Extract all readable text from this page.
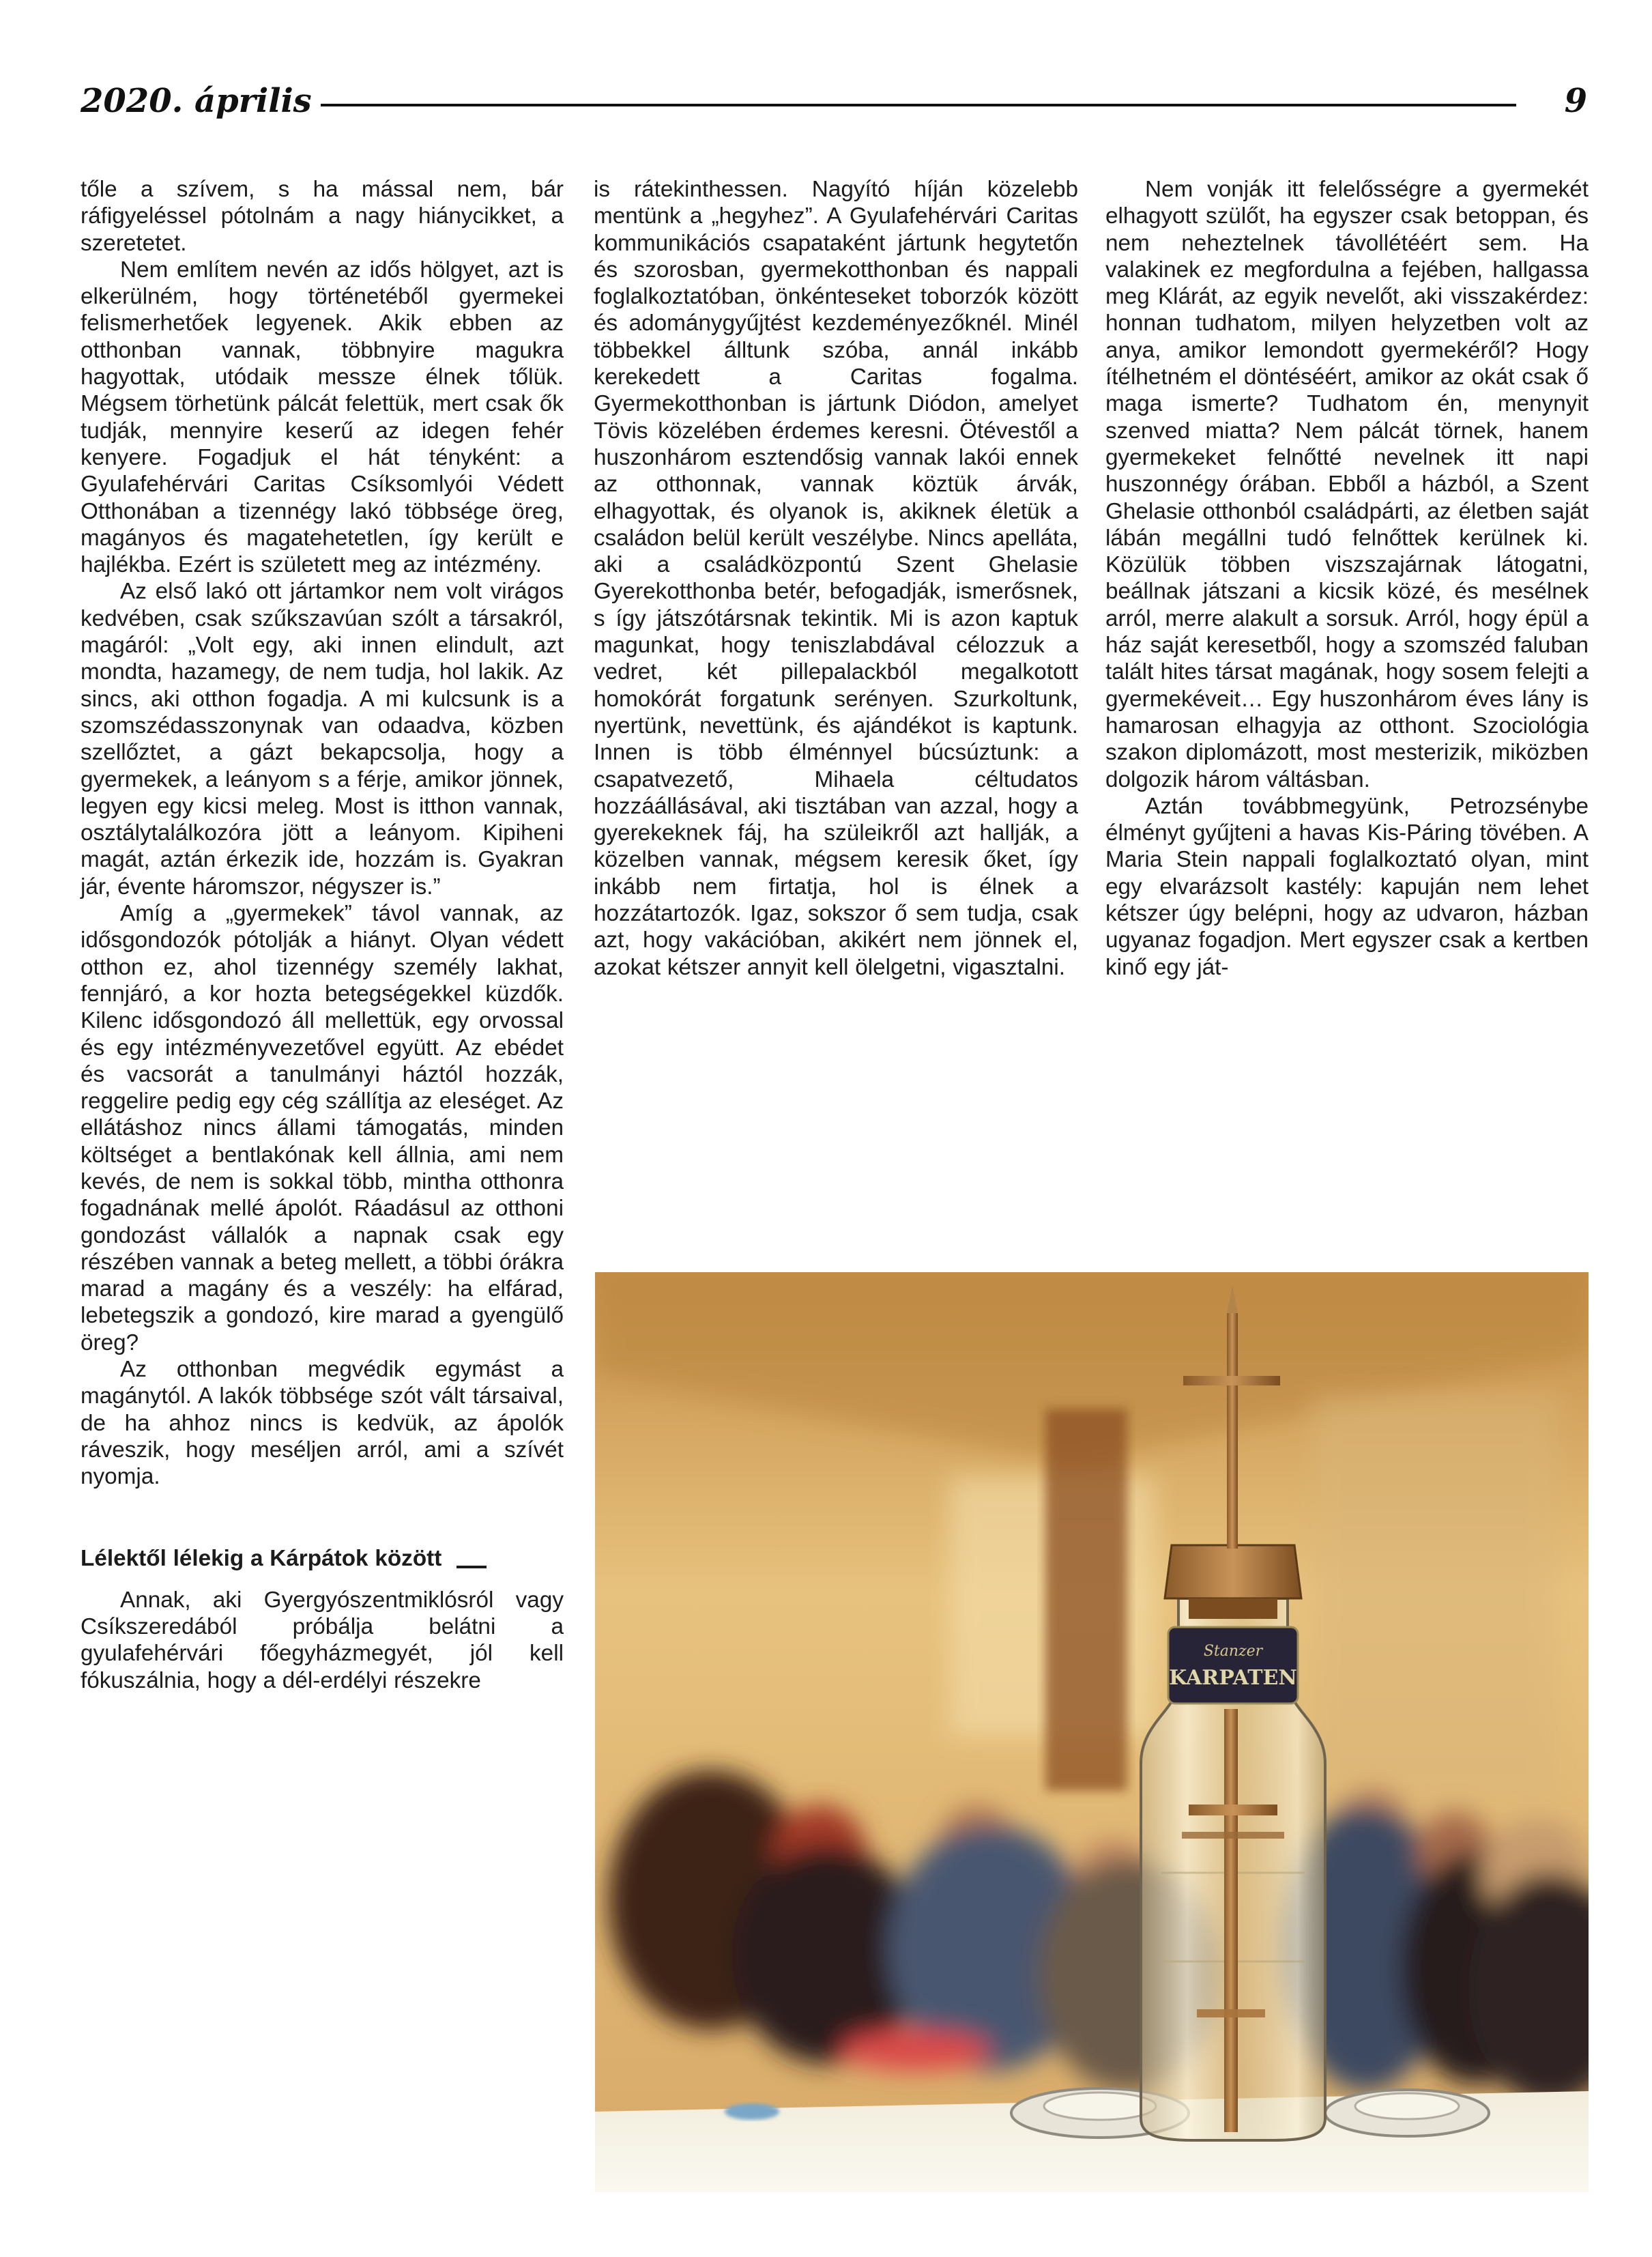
2020. április	9

tőle a szívem, s ha mással nem, bár ráfigyeléssel pótolnám a nagy hiánycikket, a szeretetet.

Nem említem nevén az idős hölgyet, azt is elkerülném, hogy történetéből gyermekei felismerhetőek legyenek. Akik ebben az otthonban vannak, többnyire magukra hagyottak, utódaik messze élnek tőlük. Mégsem törhetünk pálcát felettük, mert csak ők tudják, mennyire keserű az idegen fehér kenyere. Fogadjuk el hát tényként: a Gyulafehérvári Caritas Csíksomlyói Védett Otthonában a tizennégy lakó többsége öreg, magányos és magatehetetlen, így került e hajlékba. Ezért is született meg az intézmény.

Az első lakó ott jártamkor nem volt virágos kedvében, csak szűkszavúan szólt a társakról, magáról: „Volt egy, aki innen elindult, azt mondta, hazamegy, de nem tudja, hol lakik. Az sincs, aki otthon fogadja. A mi kulcsunk is a szomszédasszonynak van odaadva, közben szellőztet, a gázt bekapcsolja, hogy a gyermekek, a leányom s a férje, amikor jönnek, legyen egy kicsi meleg. Most is itthon vannak, osztálytalálkozóra jött a leányom. Kipiheni magát, aztán érkezik ide, hozzám is. Gyakran jár, évente háromszor, négyszer is.”

Amíg a „gyermekek” távol vannak, az idősgondozók pótolják a hiányt. Olyan védett otthon ez, ahol tizennégy személy lakhat, fennjáró, a kor hozta betegségekkel küzdők. Kilenc idősgondozó áll mellettük, egy orvossal és egy intézményvezetővel együtt. Az ebédet és vacsorát a tanulmányi háztól hozzák, reggelire pedig egy cég szállítja az eleséget. Az ellátáshoz nincs állami támogatás, minden költséget a bentlakónak kell állnia, ami nem kevés, de nem is sokkal több, mintha otthonra fogadnának mellé ápolót. Ráadásul az otthoni gondozást vállalók a napnak csak egy részében vannak a beteg mellett, a többi órákra marad a magány és a veszély: ha elfárad, lebetegszik a gondozó, kire marad a gyengülő öreg?

Az otthonban megvédik egymást a magánytól. A lakók többsége szót vált társaival, de ha ahhoz nincs is kedvük, az ápolók ráveszik, hogy meséljen arról, ami a szívét nyomja.

Lélektől lélekig a Kárpátok között

Annak, aki Gyergyószentmiklósról vagy Csíkszeredából próbálja belátni a gyulafehérvári főegyházmegyét, jól kell fókuszálnia, hogy a dél-erdélyi részekre

is rátekinthessen. Nagyító híján közelebb mentünk a „hegyhez”. A Gyulafehérvári Caritas kommunikációs csapataként jártunk hegytetőn és szorosban, gyermekotthonban és nappali foglalkoztatóban, önkénteseket toborzók között és adománygyűjtést kezdeményezőknél. Minél többekkel álltunk szóba, annál inkább kerekedett a Caritas fogalma. Gyermekotthonban is jártunk Diódon, amelyet Tövis közelében érdemes keresni. Ötévestől a huszonhárom esztendősig vannak lakói ennek az otthonnak, vannak köztük árvák, elhagyottak, és olyanok is, akiknek életük a családon belül került veszélybe. Nincs apelláta, aki a családközpontú Szent Ghelasie Gyerekotthonba betér, befogadják, ismerősnek, s így játszótársnak tekintik. Mi is azon kaptuk magunkat, hogy teniszlabdával célozzuk a vedret, két pillepalackból megalkotott homokórát forgatunk serényen. Szurkoltunk, nyertünk, nevettünk, és ajándékot is kaptunk. Innen is több élménnyel búcsúztunk: a csapatvezető, Mihaela céltudatos hozzáállásával, aki tisztában van azzal, hogy a gyerekeknek fáj, ha szüleikről azt hallják, a közelben vannak, mégsem keresik őket, így inkább nem firtatja, hol is élnek a hozzátartozók. Igaz, sokszor ő sem tudja, csak azt, hogy vakációban, akikért nem jönnek el, azokat kétszer annyit kell ölelgetni, vigasztalni.

Nem vonják itt felelősségre a gyermekét elhagyott szülőt, ha egyszer csak betoppan, és nem neheztelnek távollétéért sem. Ha valakinek ez megfordulna a fejében, hallgassa meg Klárát, az egyik nevelőt, aki visszakérdez: honnan tudhatom, milyen helyzetben volt az anya, amikor lemondott gyermekéről? Hogy ítélhetném el döntéséért, amikor az okát csak ő maga ismerte? Tudhatom én, menynyit szenved miatta? Nem pálcát törnek, hanem gyermekeket felnőtté nevelnek itt napi huszonnégy órában. Ebből a házból, a Szent Ghelasie otthonból családpárti, az életben saját lábán megállni tudó felnőttek kerülnek ki. Közülük többen viszszajárnak látogatni, beállnak játszani a kicsik közé, és mesélnek arról, merre alakult a sorsuk. Arról, hogy épül a ház saját keresetből, hogy a szomszéd faluban talált hites társat magának, hogy sosem felejti a gyermekéveit… Egy huszonhárom éves lány is hamarosan elhagyja az otthont. Szociológia szakon diplomázott, most mesterizik, miközben dolgozik három váltásban.

Aztán továbbmegyünk, Petrozsénybe élményt gyűjteni a havas Kis-Páring tövében. A Maria Stein nappali foglalkoztató olyan, mint egy elvarázsolt kastély: kapuján nem lehet kétszer úgy belépni, hogy az udvaron, házban ugyanaz fogadjon. Mert egyszer csak a kertben kinő egy ját-

Stanzer
KARPATEN
